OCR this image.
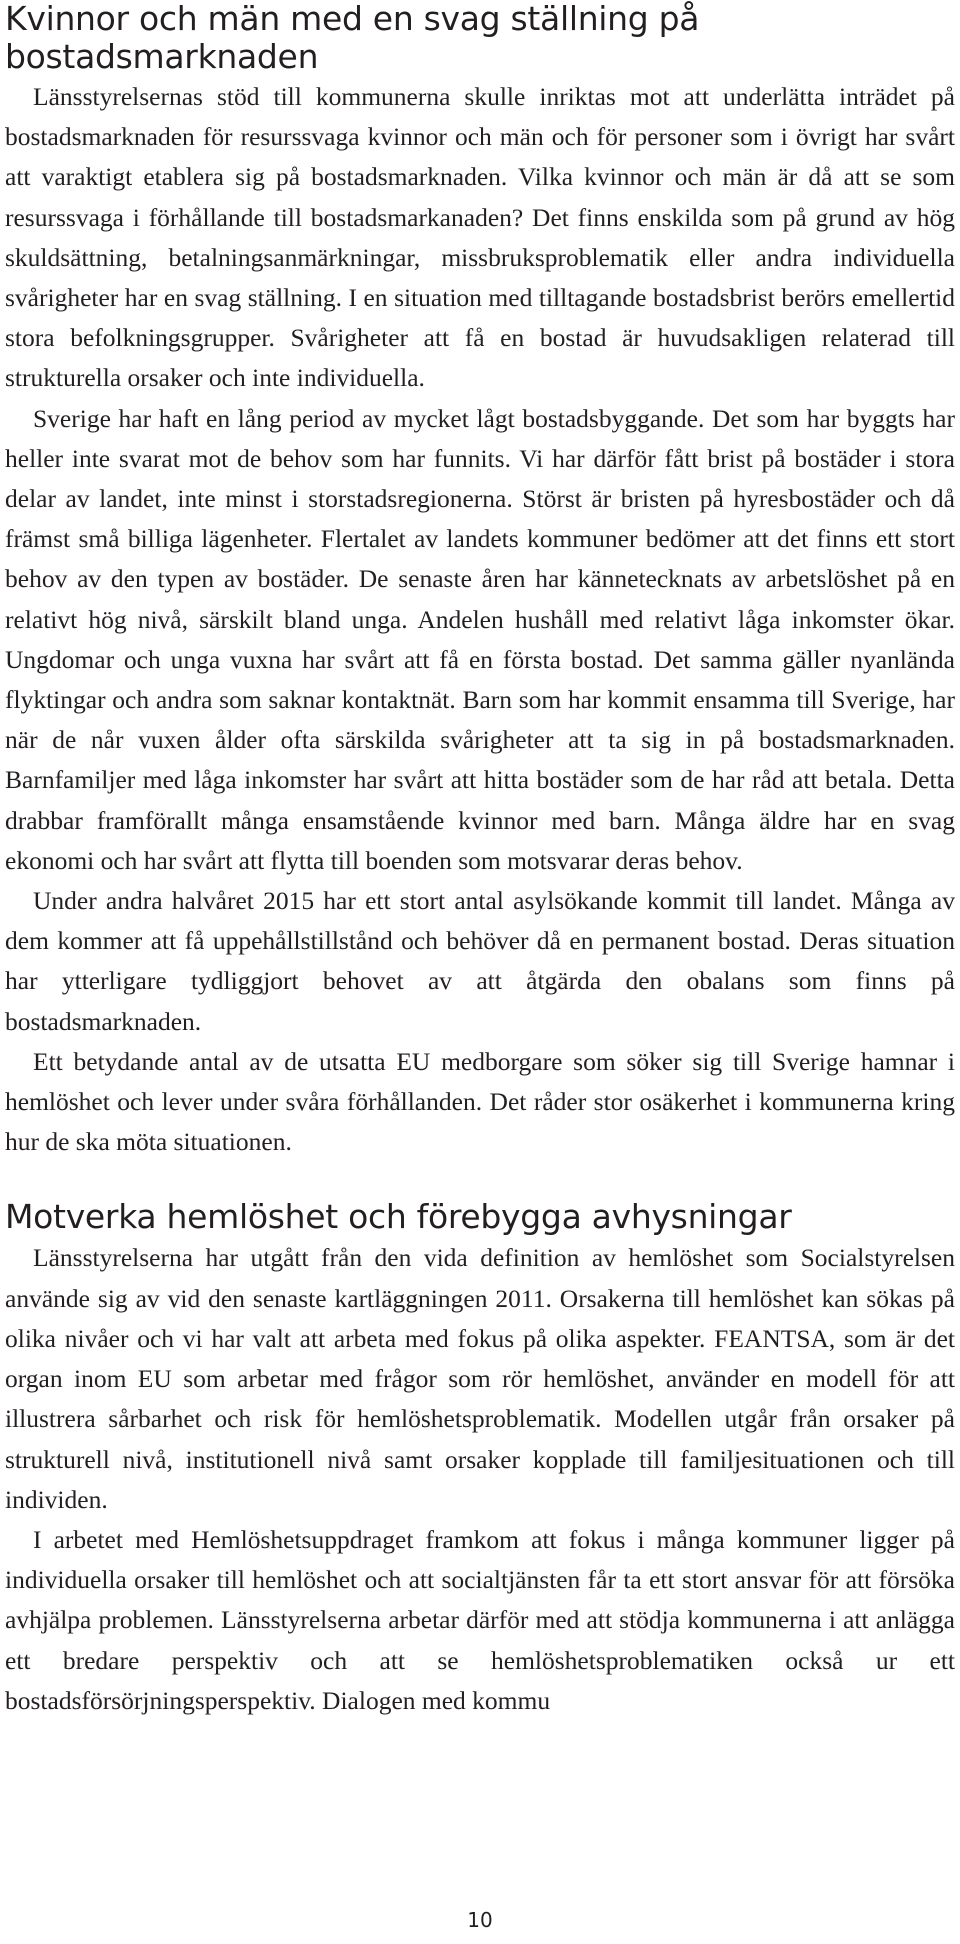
Kvinnor och män med en svag ställning på bostadsmarknaden

Länsstyrelsernas stöd till kommunerna skulle inriktas mot att underlätta inträdet på bostadsmarknaden för resurssvaga kvinnor och män och för personer som i övrigt har svårt att varaktigt etablera sig på bostadsmarknaden. Vilka kvinnor och män är då att se som resurssvaga i förhållande till bostadsmarkanaden? Det finns enskilda som på grund av hög skuldsättning, betalningsanmärkningar, missbruksproblematik eller andra individuella svårigheter har en svag ställning. I en situation med tilltagande bostadsbrist berörs emellertid stora befolkningsgrupper. Svårigheter att få en bostad är huvudsakligen relaterad till strukturella orsaker och inte individuella.

Sverige har haft en lång period av mycket lågt bostadsbyggande. Det som har byggts har heller inte svarat mot de behov som har funnits. Vi har därför fått brist på bostäder i stora delar av landet, inte minst i storstadsregionerna. Störst är bristen på hyresbostäder och då främst små billiga lägenheter. Flertalet av landets kommuner bedömer att det finns ett stort behov av den typen av bostäder. De senaste åren har kännetecknats av arbetslöshet på en relativt hög nivå, särskilt bland unga. Andelen hushåll med relativt låga inkomster ökar. Ungdomar och unga vuxna har svårt att få en första bostad. Det samma gäller nyanlända flyktingar och andra som saknar kontaktnät. Barn som har kommit ensamma till Sverige, har när de når vuxen ålder ofta särskilda svårigheter att ta sig in på bostadsmarknaden. Barnfamiljer med låga inkomster har svårt att hitta bostäder som de har råd att betala. Detta drabbar framförallt många ensamstående kvinnor med barn. Många äldre har en svag ekonomi och har svårt att flytta till boenden som motsvarar deras behov.

Under andra halvåret 2015 har ett stort antal asylsökande kommit till landet. Många av dem kommer att få uppehållstillstånd och behöver då en permanent bostad. Deras situation har ytterligare tydliggjort behovet av att åtgärda den obalans som finns på bostadsmarknaden.

Ett betydande antal av de utsatta EU medborgare som söker sig till Sverige hamnar i hemlöshet och lever under svåra förhållanden. Det råder stor osäkerhet i kommunerna kring hur de ska möta situationen.

Motverka hemlöshet och förebygga avhysningar

Länsstyrelserna har utgått från den vida definition av hemlöshet som Socialstyrelsen använde sig av vid den senaste kartläggningen 2011. Orsakerna till hemlöshet kan sökas på olika nivåer och vi har valt att arbeta med fokus på olika aspekter. FEANTSA, som är det organ inom EU som arbetar med frågor som rör hemlöshet, använder en modell för att illustrera sårbarhet och risk för hemlöshetsproblematik. Modellen utgår från orsaker på strukturell nivå, institutionell nivå samt orsaker kopplade till familjesituationen och till individen.

I arbetet med Hemlöshetsuppdraget framkom att fokus i många kommuner ligger på individuella orsaker till hemlöshet och att socialtjänsten får ta ett stort ansvar för att försöka avhjälpa problemen. Länsstyrelserna arbetar därför med att stödja kommunerna i att anlägga ett bredare perspektiv och att se hemlöshetsproblematiken också ur ett bostadsförsörjningsperspektiv. Dialogen med kommu

10
